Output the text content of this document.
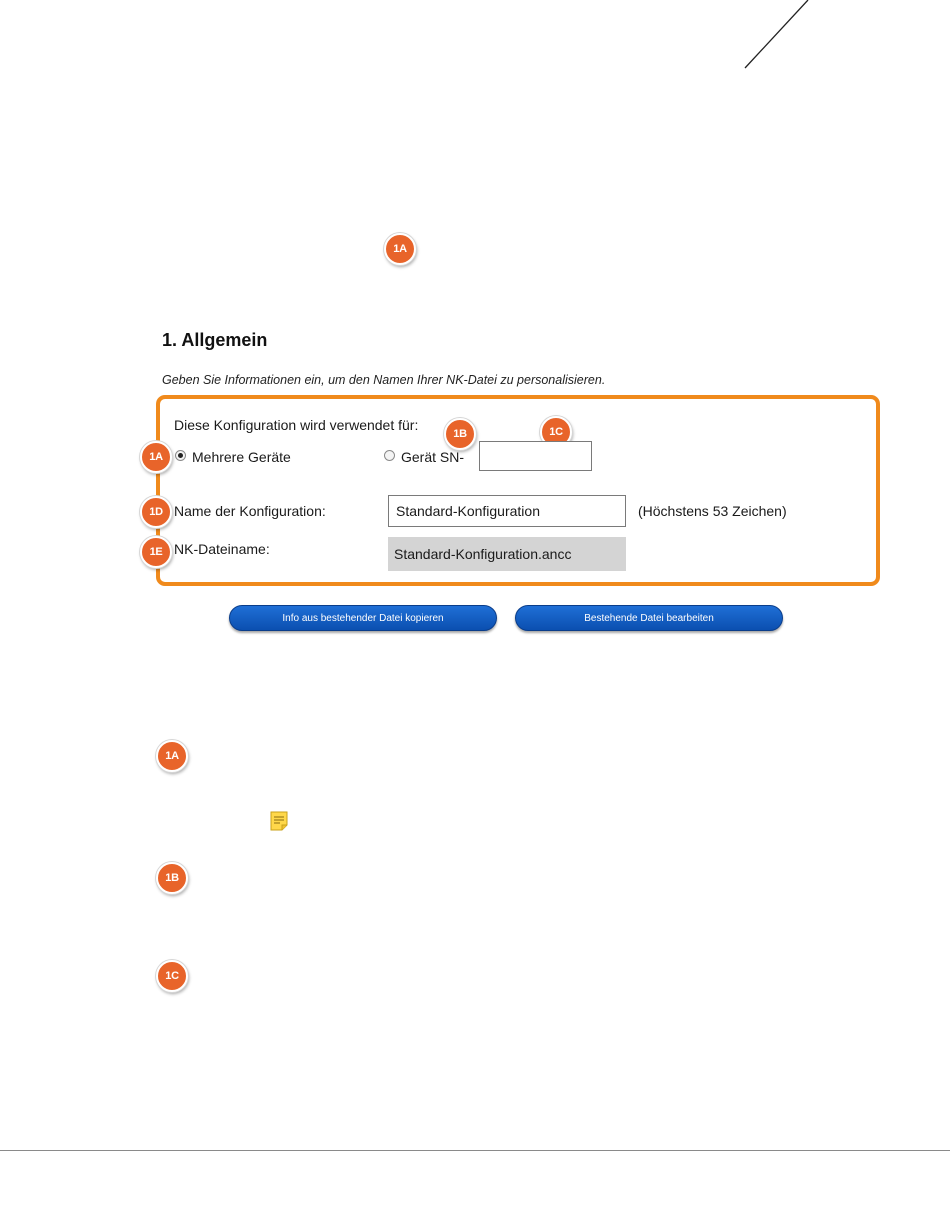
1A
1. Allgemein
Geben Sie Informationen ein, um den Namen Ihrer NK-Datei zu personalisieren.
Diese Konfiguration wird verwendet für:
1B	1C
1A	Mehrere Geräte	Gerät SN-
1D Name der Konfiguration:	Standard-Konfiguration	(Höchstens 53 Zeichen)
1E NK-Dateiname:	Standard-Konfiguration.ancc
Info aus bestehender Datei kopieren	Bestehende Datei bearbeiten
1A
1B
1C
